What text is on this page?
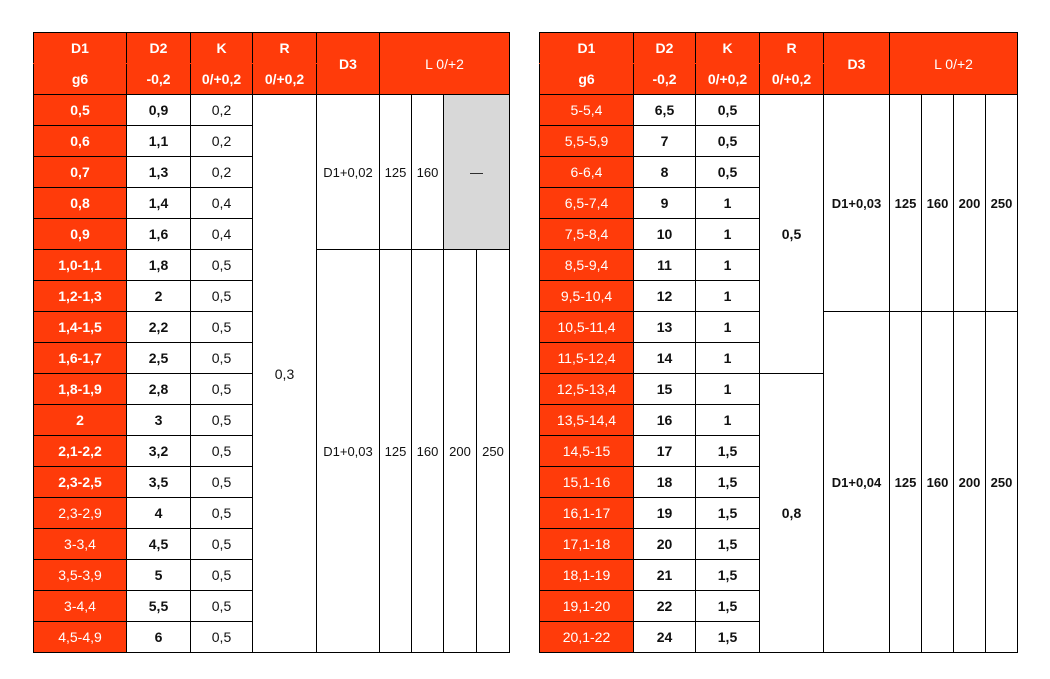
D1	D2	K	R	D3	L 0/+2			
g6	-0,2	0/+0,2	0/+0,2					
0,5	0,9	0,2	0,3	D1+0,02	125	160	—	
0,6	1,1	0,2						
0,7	1,3	0,2						
0,8	1,4	0,4						
0,9	1,6	0,4						
1,0-1,1	1,8	0,5		D1+0,03	125	160	200	250
1,2-1,3	2	0,5						
1,4-1,5	2,2	0,5						
1,6-1,7	2,5	0,5						
1,8-1,9	2,8	0,5						
2	3	0,5						
2,1-2,2	3,2	0,5						
2,3-2,5	3,5	0,5						
2,3-2,9	4	0,5						
3-3,4	4,5	0,5						
3,5-3,9	5	0,5						
3-4,4	5,5	0,5						
4,5-4,9	6	0,5						
D1	D2	K	R	D3	L 0/+2			
g6	-0,2	0/+0,2	0/+0,2					
5-5,4	6,5	0,5	0,5	D1+0,03	125	160	200	250
5,5-5,9	7	0,5						
6-6,4	8	0,5						
6,5-7,4	9	1						
7,5-8,4	10	1						
8,5-9,4	11	1						
9,5-10,4	12	1						
10,5-11,4	13	1		D1+0,04	125	160	200	250
11,5-12,4	14	1						
12,5-13,4	15	1	0,8					
13,5-14,4	16	1						
14,5-15	17	1,5						
15,1-16	18	1,5						
16,1-17	19	1,5						
17,1-18	20	1,5						
18,1-19	21	1,5						
19,1-20	22	1,5						
20,1-22	24	1,5						
